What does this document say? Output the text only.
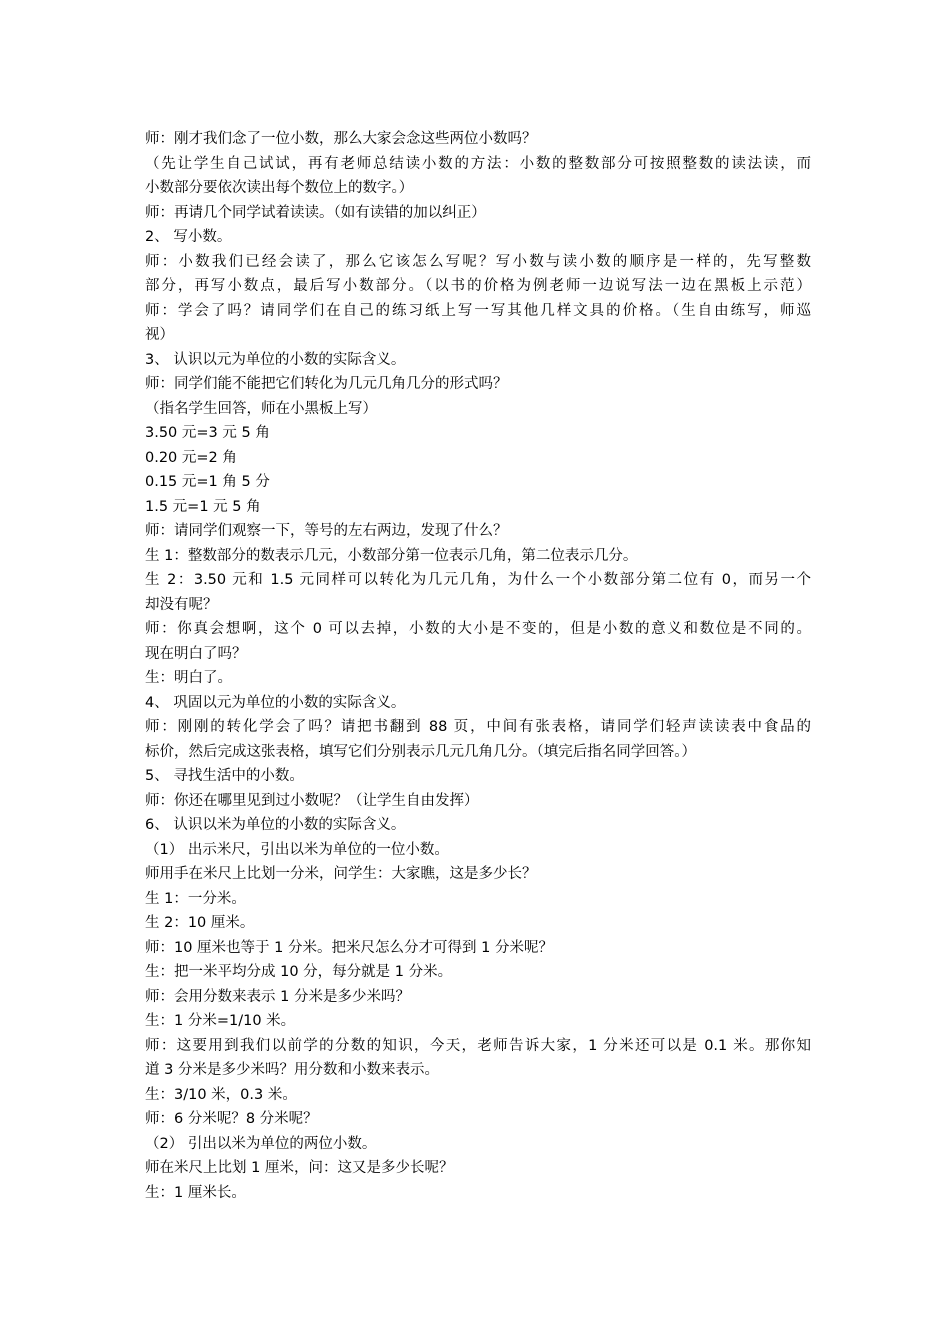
师：刚才我们念了一位小数，那么大家会念这些两位小数吗？
（先让学生自己试试，再有老师总结读小数的方法：小数的整数部分可按照整数的读法读，而
小数部分要依次读出每个数位上的数字。）
师：再请几个同学试着读读。（如有读错的加以纠正）
2、 写小数。
师：小数我们已经会读了，那么它该怎么写呢？写小数与读小数的顺序是一样的，先写整数
部分，再写小数点，最后写小数部分。（以书的价格为例老师一边说写法一边在黑板上示范）
师：学会了吗？请同学们在自己的练习纸上写一写其他几样文具的价格。（生自由练写，师巡
视）
3、 认识以元为单位的小数的实际含义。
师：同学们能不能把它们转化为几元几角几分的形式吗？
（指名学生回答，师在小黑板上写）
3.50 元=3 元 5 角
0.20 元=2 角
0.15 元=1 角 5 分
1.5 元=1 元 5 角
师：请同学们观察一下，等号的左右两边，发现了什么？
生 1：整数部分的数表示几元，小数部分第一位表示几角，第二位表示几分。
生 2：3.50 元和 1.5 元同样可以转化为几元几角，为什么一个小数部分第二位有 0，而另一个
却没有呢？
师：你真会想啊，这个 0 可以去掉，小数的大小是不变的，但是小数的意义和数位是不同的。
现在明白了吗？
生：明白了。
4、 巩固以元为单位的小数的实际含义。
师：刚刚的转化学会了吗？请把书翻到 88 页，中间有张表格，请同学们轻声读读表中食品的
标价，然后完成这张表格，填写它们分别表示几元几角几分。（填完后指名同学回答。）
5、 寻找生活中的小数。
师：你还在哪里见到过小数呢？（让学生自由发挥）
6、 认识以米为单位的小数的实际含义。
（1） 出示米尺，引出以米为单位的一位小数。
师用手在米尺上比划一分米，问学生：大家瞧，这是多少长？
生 1：一分米。
生 2：10 厘米。
师：10 厘米也等于 1 分米。把米尺怎么分才可得到 1 分米呢？
生：把一米平均分成 10 分，每分就是 1 分米。
师：会用分数来表示 1 分米是多少米吗？
生：1 分米=1/10 米。
师：这要用到我们以前学的分数的知识，今天，老师告诉大家，1 分米还可以是 0.1 米。那你知
道 3 分米是多少米吗？用分数和小数来表示。
生：3/10 米，0.3 米。
师：6 分米呢？8 分米呢？
（2） 引出以米为单位的两位小数。
师在米尺上比划 1 厘米，问：这又是多少长呢？
生：1 厘米长。
